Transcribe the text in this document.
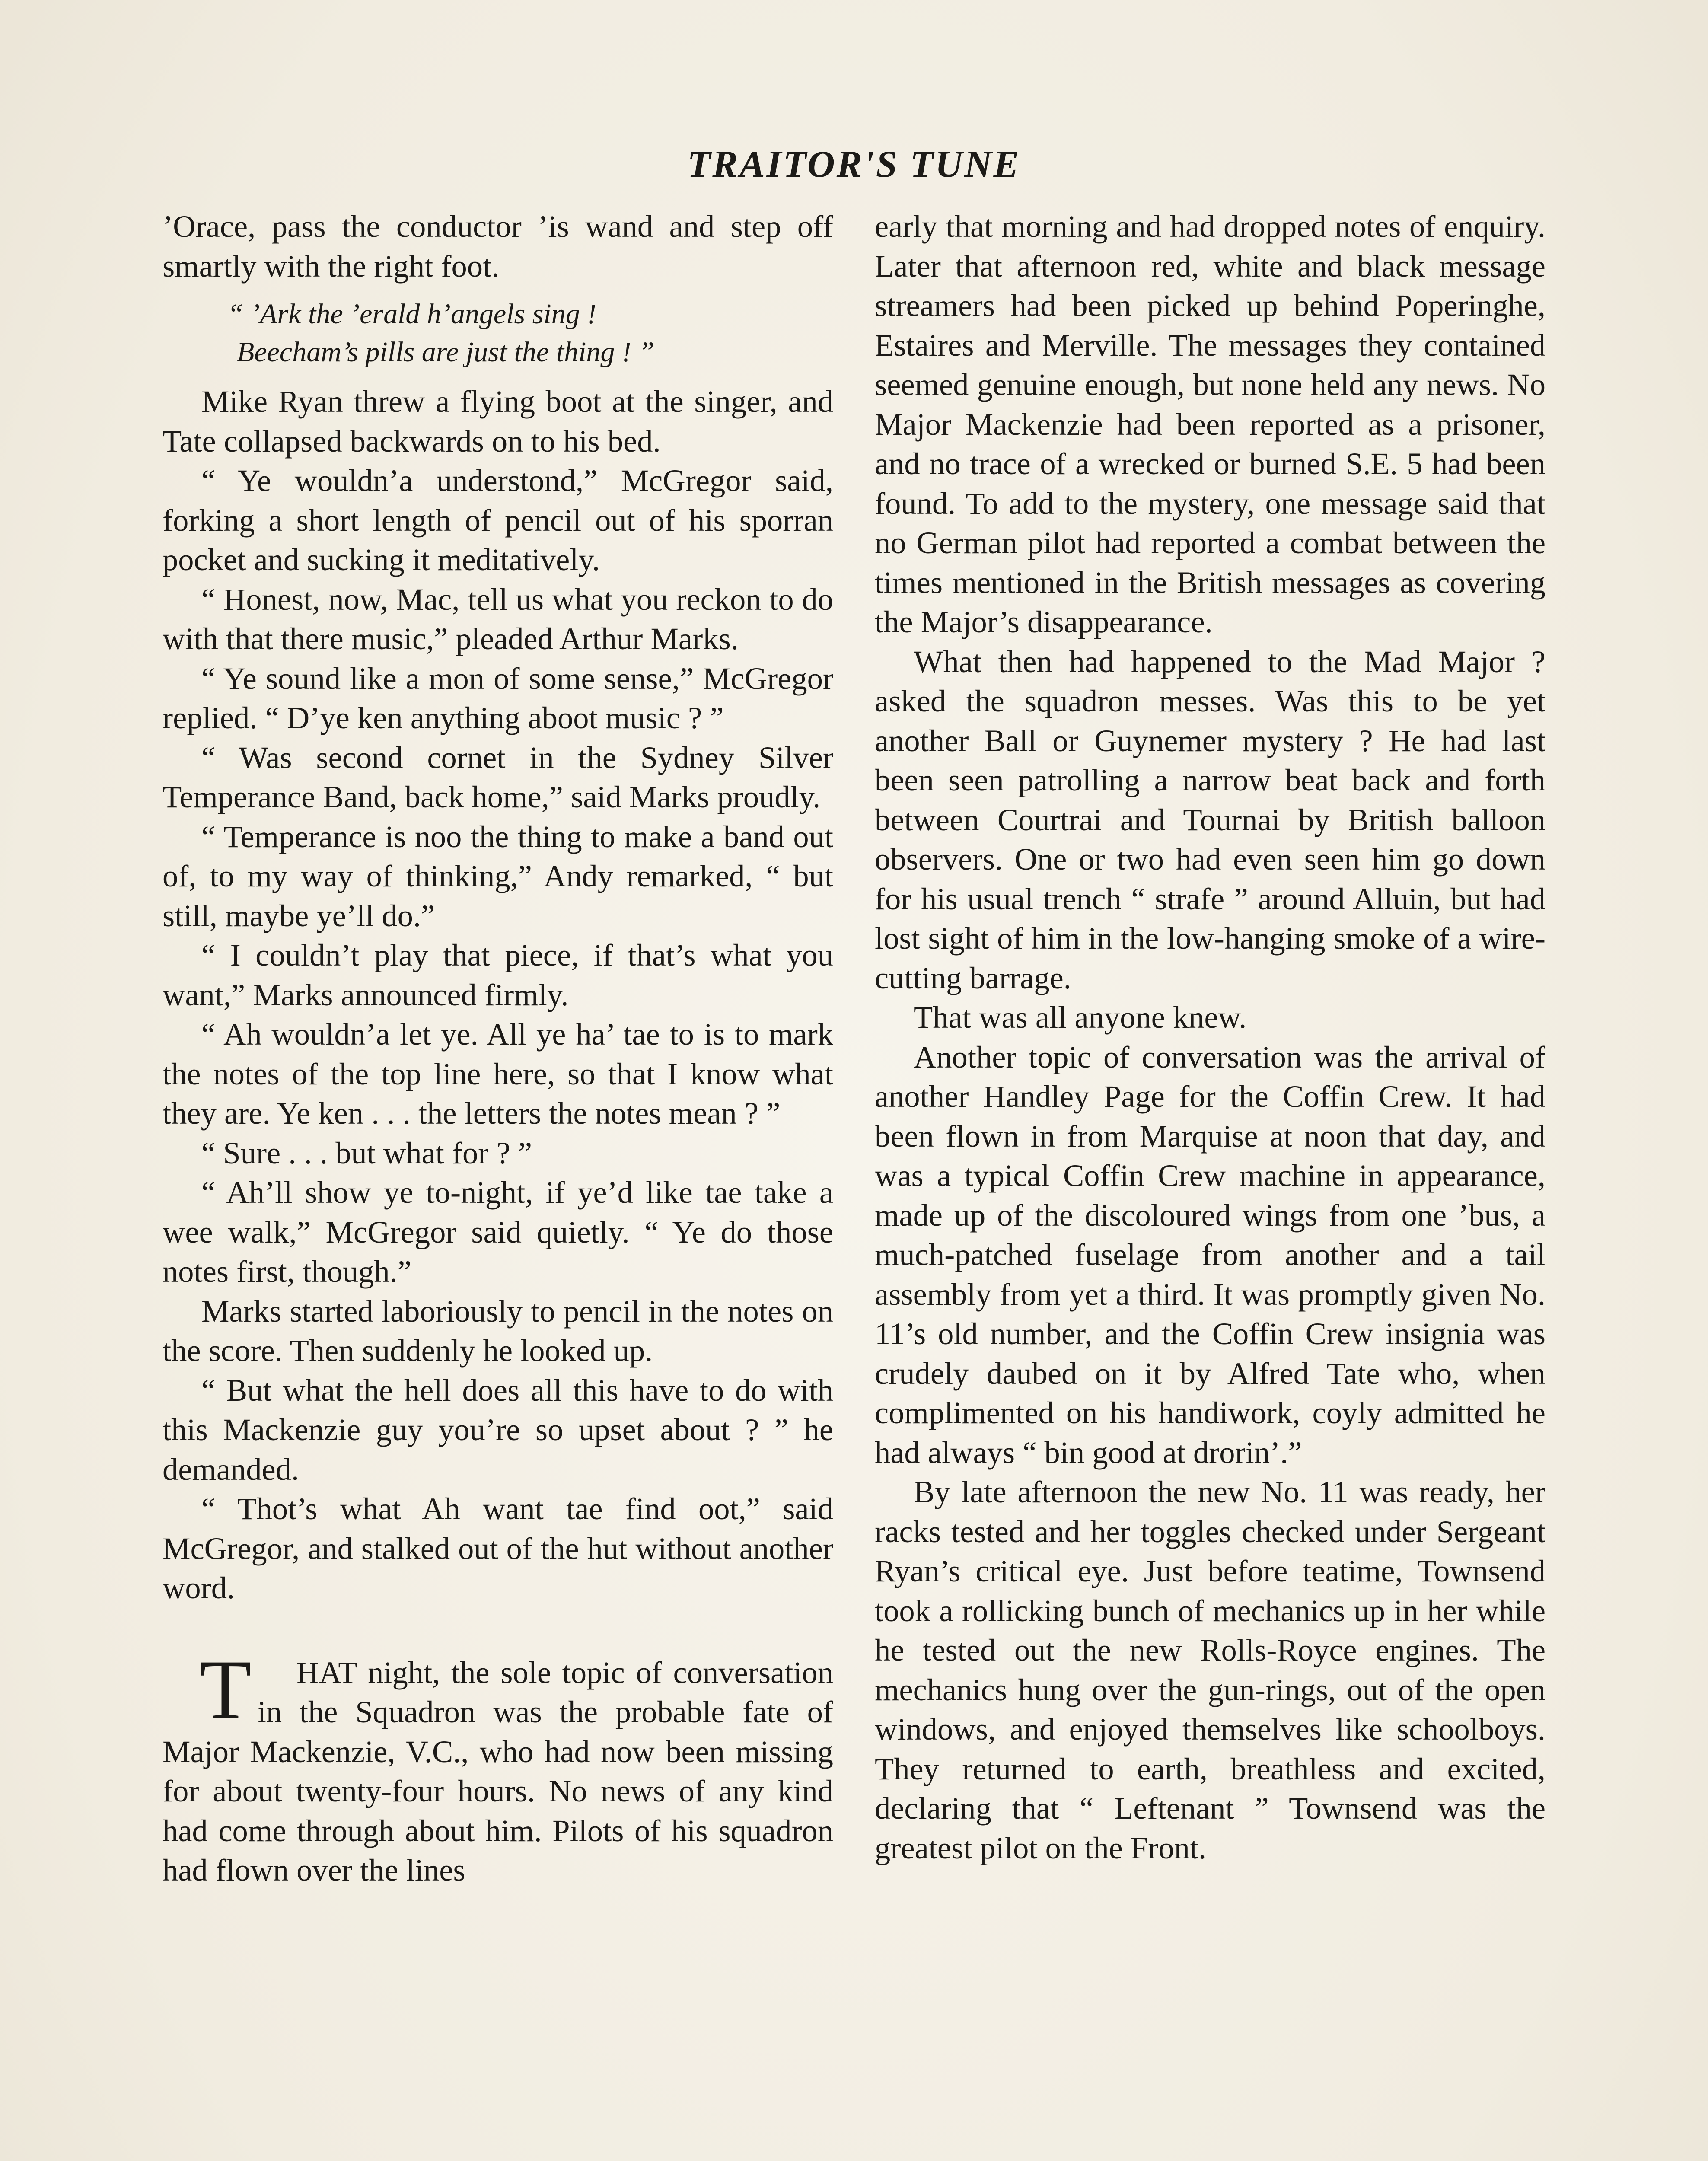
TRAITOR'S TUNE

’Orace, pass the conductor ’is wand and step off smartly with the right foot.

“ ’Ark the ’erald h’angels sing !
Beecham’s pills are just the thing ! ”

Mike Ryan threw a flying boot at the singer, and Tate collapsed backwards on to his bed.

“ Ye wouldn’a understond,” McGregor said, forking a short length of pencil out of his sporran pocket and sucking it meditatively.

“ Honest, now, Mac, tell us what you reckon to do with that there music,” pleaded Arthur Marks.

“ Ye sound like a mon of some sense,” McGregor replied. “ D’ye ken anything aboot music ? ”

“ Was second cornet in the Sydney Silver Temperance Band, back home,” said Marks proudly.

“ Temperance is noo the thing to make a band out of, to my way of thinking,” Andy remarked, “ but still, maybe ye’ll do.”

“ I couldn’t play that piece, if that’s what you want,” Marks announced firmly.

“ Ah wouldn’a let ye. All ye ha’ tae to is to mark the notes of the top line here, so that I know what they are. Ye ken . . . the letters the notes mean ? ”

“ Sure . . . but what for ? ”

“ Ah’ll show ye to-night, if ye’d like tae take a wee walk,” McGregor said quietly. “ Ye do those notes first, though.”

Marks started laboriously to pencil in the notes on the score. Then suddenly he looked up.

“ But what the hell does all this have to do with this Mackenzie guy you’re so upset about ? ” he demanded.

“ Thot’s what Ah want tae find oot,” said McGregor, and stalked out of the hut without another word.

T HAT night, the sole topic of conversation in the Squadron was the probable fate of Major Mackenzie, V.C., who had now been missing for about twenty-four hours. No news of any kind had come through about him. Pilots of his squadron had flown over the lines

early that morning and had dropped notes of enquiry. Later that afternoon red, white and black message streamers had been picked up behind Poperinghe, Estaires and Merville. The messages they contained seemed genuine enough, but none held any news. No Major Mackenzie had been reported as a prisoner, and no trace of a wrecked or burned S.E. 5 had been found. To add to the mystery, one message said that no German pilot had reported a combat between the times mentioned in the British messages as covering the Major’s disappearance.

What then had happened to the Mad Major ? asked the squadron messes. Was this to be yet another Ball or Guynemer mystery ? He had last been seen patrolling a narrow beat back and forth between Courtrai and Tournai by British balloon observers. One or two had even seen him go down for his usual trench “ strafe ” around Alluin, but had lost sight of him in the low-hanging smoke of a wire-cutting barrage.

That was all anyone knew.

Another topic of conversation was the arrival of another Handley Page for the Coffin Crew. It had been flown in from Marquise at noon that day, and was a typical Coffin Crew machine in appearance, made up of the discoloured wings from one ’bus, a much-patched fuselage from another and a tail assembly from yet a third. It was promptly given No. 11’s old number, and the Coffin Crew insignia was crudely daubed on it by Alfred Tate who, when complimented on his handiwork, coyly admitted he had always “ bin good at drorin’.”

By late afternoon the new No. 11 was ready, her racks tested and her toggles checked under Sergeant Ryan’s critical eye. Just before teatime, Townsend took a rollicking bunch of mechanics up in her while he tested out the new Rolls-Royce engines. The mechanics hung over the gun-rings, out of the open windows, and enjoyed themselves like schoolboys. They returned to earth, breathless and excited, declaring that “ Leftenant ” Townsend was the greatest pilot on the Front.
